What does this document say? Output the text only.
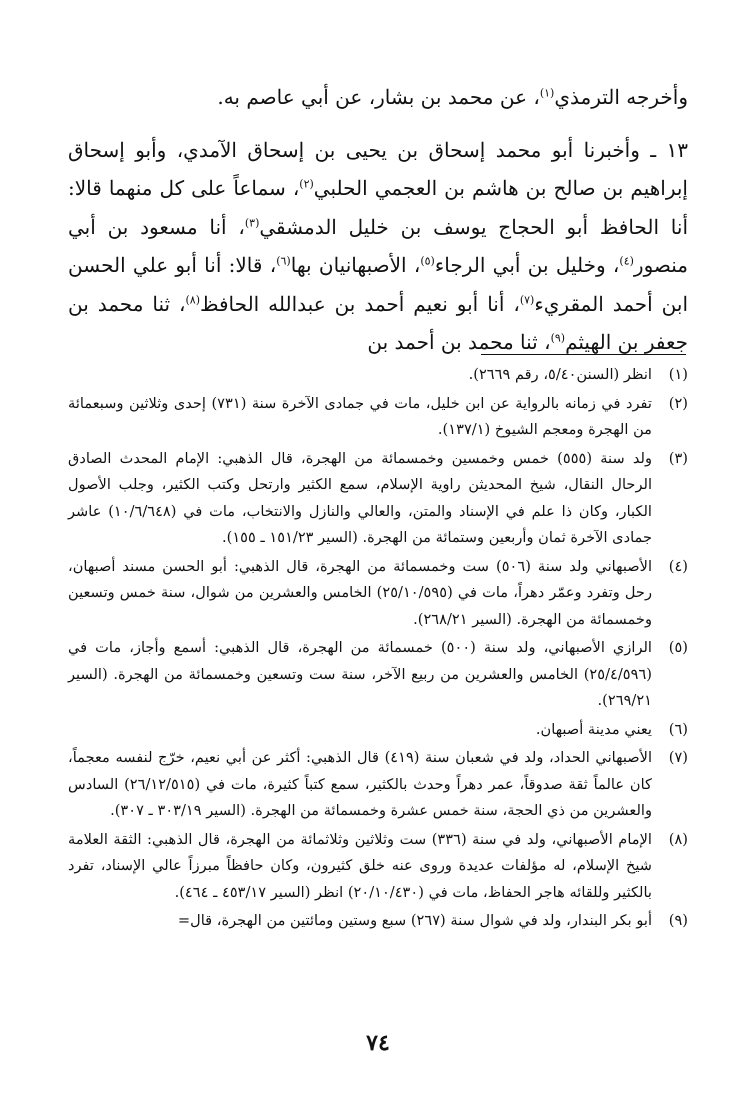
وأخرجه الترمذي$^{(١)}$، عن محمد بن بشار، عن أبي عاصم به.

١٣ ـ وأخبرنا أبو محمد إسحاق بن يحيى بن إسحاق الآمدي، وأبو إسحاق إبراهيم بن صالح بن هاشم بن العجمي الحلبي$^{(٢)}$، سماعاً على كل منهما قالا: أنا الحافظ أبو الحجاج يوسف بن خليل الدمشقي$^{(٣)}$، أنا مسعود بن أبي منصور$^{(٤)}$، وخليل بن أبي الرجاء$^{(٥)}$، الأصبهانيان بها$^{(٦)}$، قالا: أنا أبو علي الحسن ابن أحمد المقريء$^{(٧)}$، أنا أبو نعيم أحمد بن عبدالله الحافظ$^{(٨)}$، ثنا محمد بن جعفر بن الهيثم$^{(٩)}$، ثنا محمد بن أحمد بن

(١)
انظر (السنن٥/٤٠، رقم ٢٦٦٩).
(٢)
تفرد في زمانه بالرواية عن ابن خليل، مات في جمادى الآخرة سنة (٧٣١) إحدى وثلاثين وسبعمائة من الهجرة ومعجم الشيوخ (١٣٧/١).
(٣)
ولد سنة (٥٥٥) خمس وخمسين وخمسمائة من الهجرة، قال الذهبي: الإمام المحدث الصادق الرحال النقال، شيخ المحديثن راوية الإسلام، سمع الكثير وارتحل وكتب الكثير، وجلب الأصول الكبار، وكان ذا علم في الإسناد والمتن، والعالي والنازل والانتخاب، مات في (١٠/٦/٦٤٨) عاشر جمادى الآخرة ثمان وأربعين وستمائة من الهجرة. (السير ١٥١/٢٣ ـ ١٥٥).
(٤)
الأصبهاني ولد سنة (٥٠٦) ست وخمسمائة من الهجرة، قال الذهبي: أبو الحسن مسند أصبهان، رحل وتفرد وعمّر دهراً، مات في (٢٥/١٠/٥٩٥) الخامس والعشرين من شوال، سنة خمس وتسعين وخمسمائة من الهجرة. (السير ٢٦٨/٢١).
(٥)
الرازي الأصبهاني، ولد سنة (٥٠٠) خمسمائة من الهجرة، قال الذهبي: أسمع وأجاز، مات في (٢٥/٤/٥٩٦) الخامس والعشرين من ربيع الآخر، سنة ست وتسعين وخمسمائة من الهجرة. (السير ٢٦٩/٢١).
(٦)
يعني مدينة أصبهان.
(٧)
الأصبهاني الحداد، ولد في شعبان سنة (٤١٩) قال الذهبي: أكثر عن أبي نعيم، خرّج لنفسه معجماً، كان عالماً ثقة صدوقاً، عمر دهراً وحدث بالكثير، سمع كتباً كثيرة، مات في (٢٦/١٢/٥١٥) السادس والعشرين من ذي الحجة، سنة خمس عشرة وخمسمائة من الهجرة. (السير ٣٠٣/١٩ ـ ٣٠٧).
(٨)
الإمام الأصبهاني، ولد في سنة (٣٣٦) ست وثلاثين وثلاثمائة من الهجرة، قال الذهبي: الثقة العلامة شيخ الإسلام، له مؤلفات عديدة وروى عنه خلق كثيرون، وكان حافظاً مبرزاً عالي الإسناد، تفرد بالكثير وللقائه هاجر الحفاظ، مات في (٢٠/١٠/٤٣٠) انظر (السير ٤٥٣/١٧ ـ ٤٦٤).
(٩)
أبو بكر البندار، ولد في شوال سنة (٢٦٧) سبع وستين ومائتين من الهجرة، قال=
٧٤
